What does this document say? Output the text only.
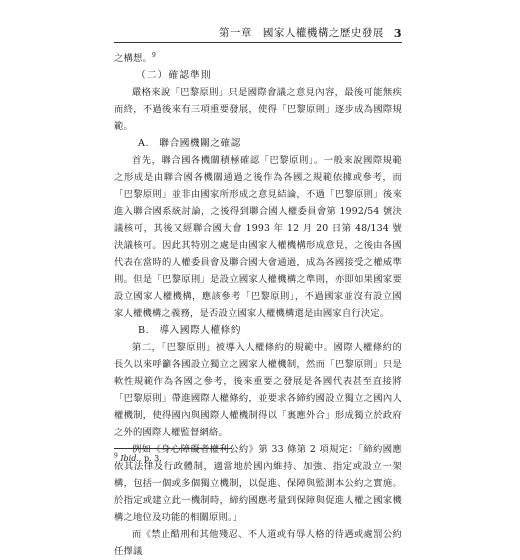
第一章　國家人權機構之歷史發展 3

之構想。$^9$

（二）確認準則

嚴格來說「巴黎原則」只是國際會議之意見內容，最後可能無疾而終，不過後來有三項重要發展，使得「巴黎原則」逐步成為國際規範。

A.　聯合國機關之確認

首先，聯合國各機關積極確認「巴黎原則」。一般來說國際規範之形成是由聯合國各機關通過之後作為各國之規範依據或參考，而「巴黎原則」並非由國家所形成之意見結論，不過「巴黎原則」後來進入聯合國系統討論，之後得到聯合國人權委員會第 1992/54 號決議核可，其後又經聯合國大會 1993 年 12 月 20 日第 48/134 號決議核可。因此其特別之處是由國家人權機構形成意見，之後由各國代表在當時的人權委員會及聯合國大會通過，成為各國接受之權威準則。但是「巴黎原則」是設立國家人權機構之準則，亦即如果國家要設立國家人權機構，應該參考「巴黎原則」，不過國家並沒有設立國家人權機構之義務，是否設立國家人權機構還是由國家自行決定。

B.　導入國際人權條約

第二，「巴黎原則」被導入人權條約的規範中。國際人權條約的長久以來呼籲各國設立獨立之國家人權機制，然而「巴黎原則」只是軟性規範作為各國之參考，後來重要之發展是各國代表甚至直接將「巴黎原則」帶進國際人權條約，並要求各締約國設立獨立之國內人權機制，使得國內與國際人權機制得以「裏應外合」形成獨立於政府之外的國際人權監督網絡。

例如《身心障礙者權利公約》第 33 條第 2 項規定：「締約國應依其法律及行政體制，適當地於國內維持、加強、指定或設立一架構，包括一個或多個獨立機制，以促進、保障與監測本公約之實施。於指定或建立此一機制時，締約國應考量到保障與促進人權之國家機構之地位及功能的相關原則。」

而《禁止酷刑和其他殘忍、不人道或有辱人格的待遇或處罰公約任擇議

$^9$ Ibid., p. 3.
